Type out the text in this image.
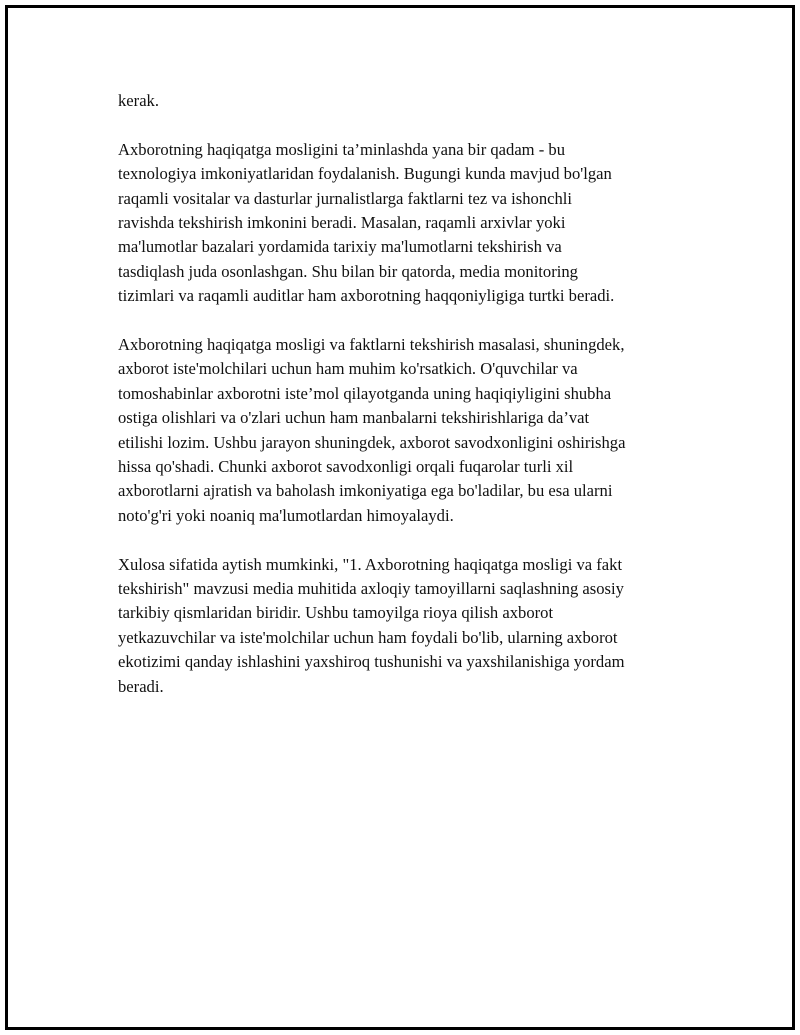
kerak.

Axborotning haqiqatga mosligini ta’minlashda yana bir qadam - bu
texnologiya imkoniyatlaridan foydalanish. Bugungi kunda mavjud bo'lgan
raqamli vositalar va dasturlar jurnalistlarga faktlarni tez va ishonchli
ravishda tekshirish imkonini beradi. Masalan, raqamli arxivlar yoki
ma'lumotlar bazalari yordamida tarixiy ma'lumotlarni tekshirish va
tasdiqlash juda osonlashgan. Shu bilan bir qatorda, media monitoring
tizimlari va raqamli auditlar ham axborotning haqqoniyligiga turtki beradi.

Axborotning haqiqatga mosligi va faktlarni tekshirish masalasi, shuningdek,
axborot iste'molchilari uchun ham muhim ko'rsatkich. O'quvchilar va
tomoshabinlar axborotni iste’mol qilayotganda uning haqiqiyligini shubha
ostiga olishlari va o'zlari uchun ham manbalarni tekshirishlariga da’vat
etilishi lozim. Ushbu jarayon shuningdek, axborot savodxonligini oshirishga
hissa qo'shadi. Chunki axborot savodxonligi orqali fuqarolar turli xil
axborotlarni ajratish va baholash imkoniyatiga ega bo'ladilar, bu esa ularni
noto'g'ri yoki noaniq ma'lumotlardan himoyalaydi.

Xulosa sifatida aytish mumkinki, "1. Axborotning haqiqatga mosligi va fakt
tekshirish" mavzusi media muhitida axloqiy tamoyillarni saqlashning asosiy
tarkibiy qismlaridan biridir. Ushbu tamoyilga rioya qilish axborot
yetkazuvchilar va iste'molchilar uchun ham foydali bo'lib, ularning axborot
ekotizimi qanday ishlashini yaxshiroq tushunishi va yaxshilanishiga yordam
beradi.
